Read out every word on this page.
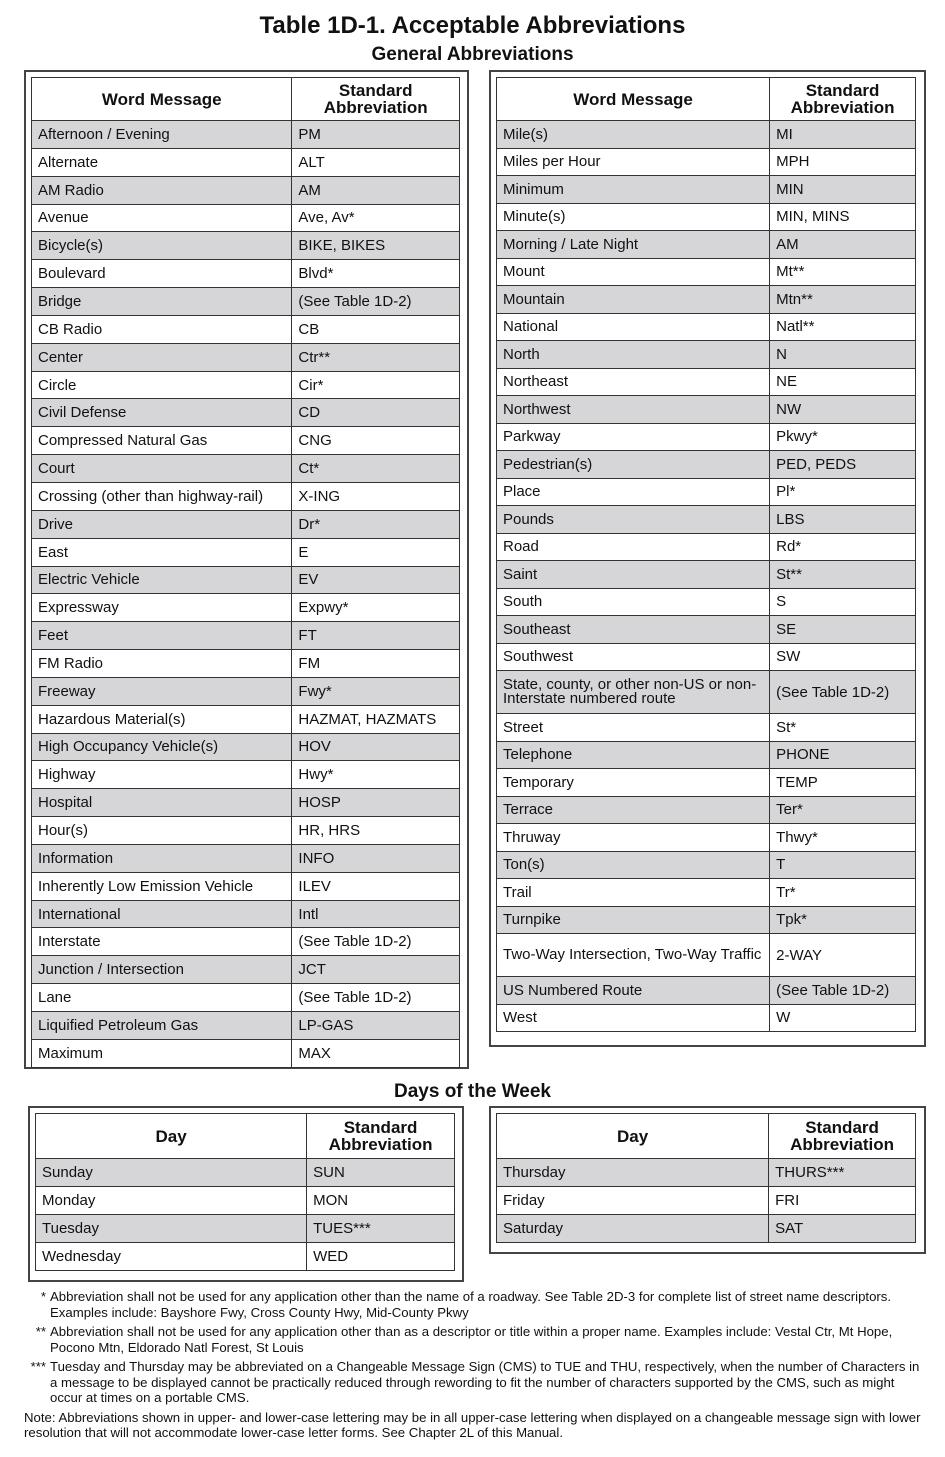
Table 1D-1. Acceptable Abbreviations
General Abbreviations
Word Message	Standard Abbreviation
Afternoon / Evening	PM
Alternate	ALT
AM Radio	AM
Avenue	Ave, Av*
Bicycle(s)	BIKE, BIKES
Boulevard	Blvd*
Bridge	(See Table 1D-2)
CB Radio	CB
Center	Ctr**
Circle	Cir*
Civil Defense	CD
Compressed Natural Gas	CNG
Court	Ct*
Crossing (other than highway-rail)	X-ING
Drive	Dr*
East	E
Electric Vehicle	EV
Expressway	Expwy*
Feet	FT
FM Radio	FM
Freeway	Fwy*
Hazardous Material(s)	HAZMAT, HAZMATS
High Occupancy Vehicle(s)	HOV
Highway	Hwy*
Hospital	HOSP
Hour(s)	HR, HRS
Information	INFO
Inherently Low Emission Vehicle	ILEV
International	Intl
Interstate	(See Table 1D-2)
Junction / Intersection	JCT
Lane	(See Table 1D-2)
Liquified Petroleum Gas	LP-GAS
Maximum	MAX
Word Message	Standard Abbreviation
Mile(s)	MI
Miles per Hour	MPH
Minimum	MIN
Minute(s)	MIN, MINS
Morning / Late Night	AM
Mount	Mt**
Mountain	Mtn**
National	Natl**
North	N
Northeast	NE
Northwest	NW
Parkway	Pkwy*
Pedestrian(s)	PED, PEDS
Place	Pl*
Pounds	LBS
Road	Rd*
Saint	St**
South	S
Southeast	SE
Southwest	SW
State, county, or other non-US or non-Interstate numbered route	(See Table 1D-2)
Street	St*
Telephone	PHONE
Temporary	TEMP
Terrace	Ter*
Thruway	Thwy*
Ton(s)	T
Trail	Tr*
Turnpike	Tpk*
Two-Way Intersection, Two-Way Traffic	2-WAY
US Numbered Route	(See Table 1D-2)
West	W
Days of the Week
Day	Standard Abbreviation
Sunday	SUN
Monday	MON
Tuesday	TUES***
Wednesday	WED
Day	Standard Abbreviation
Thursday	THURS***
Friday	FRI
Saturday	SAT
* Abbreviation shall not be used for any application other than the name of a roadway. See Table 2D-3 for complete list of street name descriptors. Examples include: Bayshore Fwy, Cross County Hwy, Mid-County Pkwy
** Abbreviation shall not be used for any application other than as a descriptor or title within a proper name. Examples include: Vestal Ctr, Mt Hope, Pocono Mtn, Eldorado Natl Forest, St Louis
*** Tuesday and Thursday may be abbreviated on a Changeable Message Sign (CMS) to TUE and THU, respectively, when the number of Characters in a message to be displayed cannot be practically reduced through rewording to fit the number of characters supported by the CMS, such as might occur at times on a portable CMS.
Note: Abbreviations shown in upper- and lower-case lettering may be in all upper-case lettering when displayed on a changeable message sign with lower resolution that will not accommodate lower-case letter forms. See Chapter 2L of this Manual.
